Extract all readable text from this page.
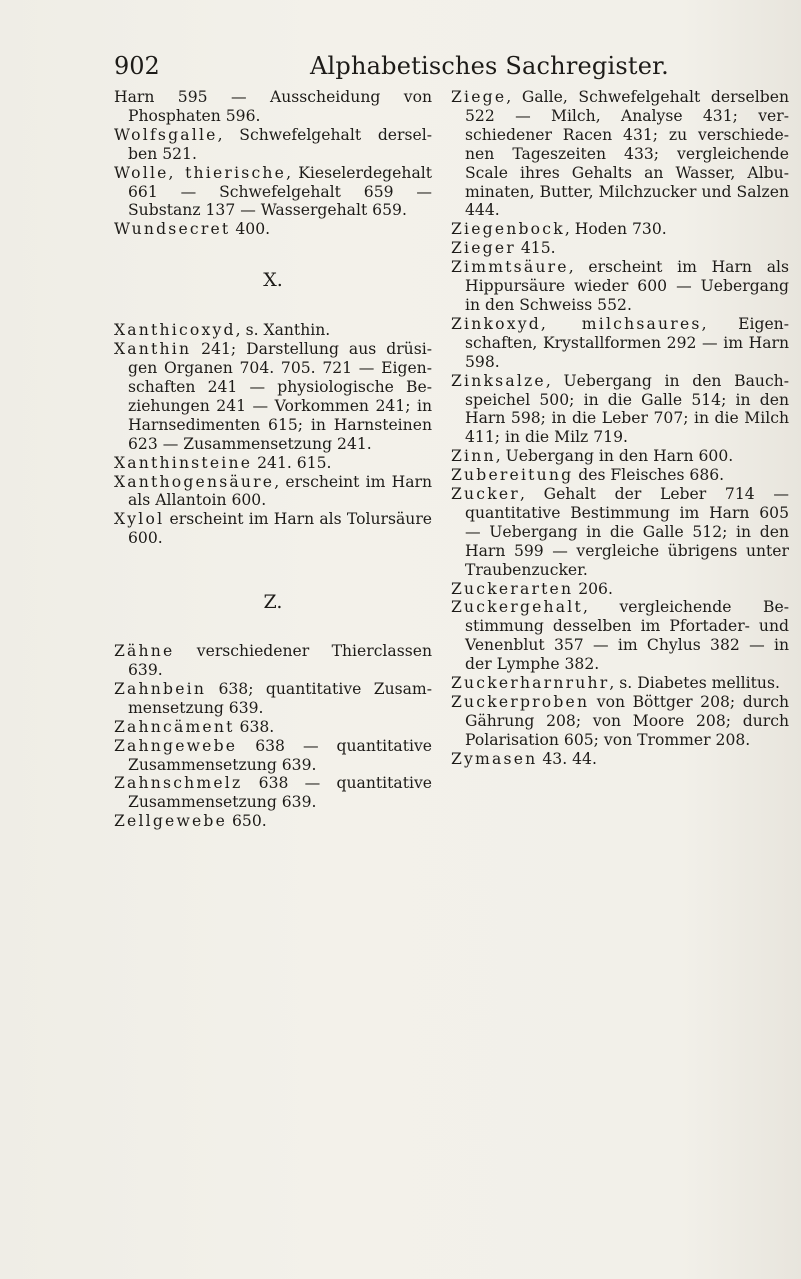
902	Alphabetisches Sachregister.
Harn 595 — Ausscheidung von Phosphaten 596.
Wolfsgalle, Schwefelgehalt derselben 521.
Wolle, thierische, Kieselerdegehalt 661 — Schwefelgehalt 659 — Substanz 137 — Wassergehalt 659.
Wundsecret 400.
X.
Xanthicoxyd, s. Xanthin.
Xanthin 241; Darstellung aus drüsigen Organen 704. 705. 721 — Eigenschaften 241 — physiologische Beziehungen 241 — Vorkommen 241; in Harnsedimenten 615; in Harnsteinen 623 — Zusammensetzung 241.
Xanthinsteine 241. 615.
Xanthogensäure, erscheint im Harn als Allantoin 600.
Xylol erscheint im Harn als Tolursäure 600.
Z.
Zähne verschiedener Thierclassen 639.
Zahnbein 638; quantitative Zusammensetzung 639.
Zahncäment 638.
Zahngewebe 638 — quantitative Zusammensetzung 639.
Zahnschmelz 638 — quantitative Zusammensetzung 639.
Zellgewebe 650.
Ziege, Galle, Schwefelgehalt derselben 522 — Milch, Analyse 431; verschiedener Racen 431; zu verschiedenen Tageszeiten 433; vergleichende Scale ihres Gehalts an Wasser, Albuminaten, Butter, Milchzucker und Salzen 444.
Ziegenbock, Hoden 730.
Zieger 415.
Zimmtsäure, erscheint im Harn als Hippursäure wieder 600 — Uebergang in den Schweiss 552.
Zinkoxyd, milchsaures, Eigenschaften, Krystallformen 292 — im Harn 598.
Zinksalze, Uebergang in den Bauchspeichel 500; in die Galle 514; in den Harn 598; in die Leber 707; in die Milch 411; in die Milz 719.
Zinn, Uebergang in den Harn 600.
Zubereitung des Fleisches 686.
Zucker, Gehalt der Leber 714 — quantitative Bestimmung im Harn 605 — Uebergang in die Galle 512; in den Harn 599 — vergleiche übrigens unter Traubenzucker.
Zuckerarten 206.
Zuckergehalt, vergleichende Bestimmung desselben im Pfortader- und Venenblut 357 — im Chylus 382 — in der Lymphe 382.
Zuckerharnruhr, s. Diabetes mellitus.
Zuckerproben von Böttger 208; durch Gährung 208; von Moore 208; durch Polarisation 605; von Trommer 208.
Zymasen 43. 44.
